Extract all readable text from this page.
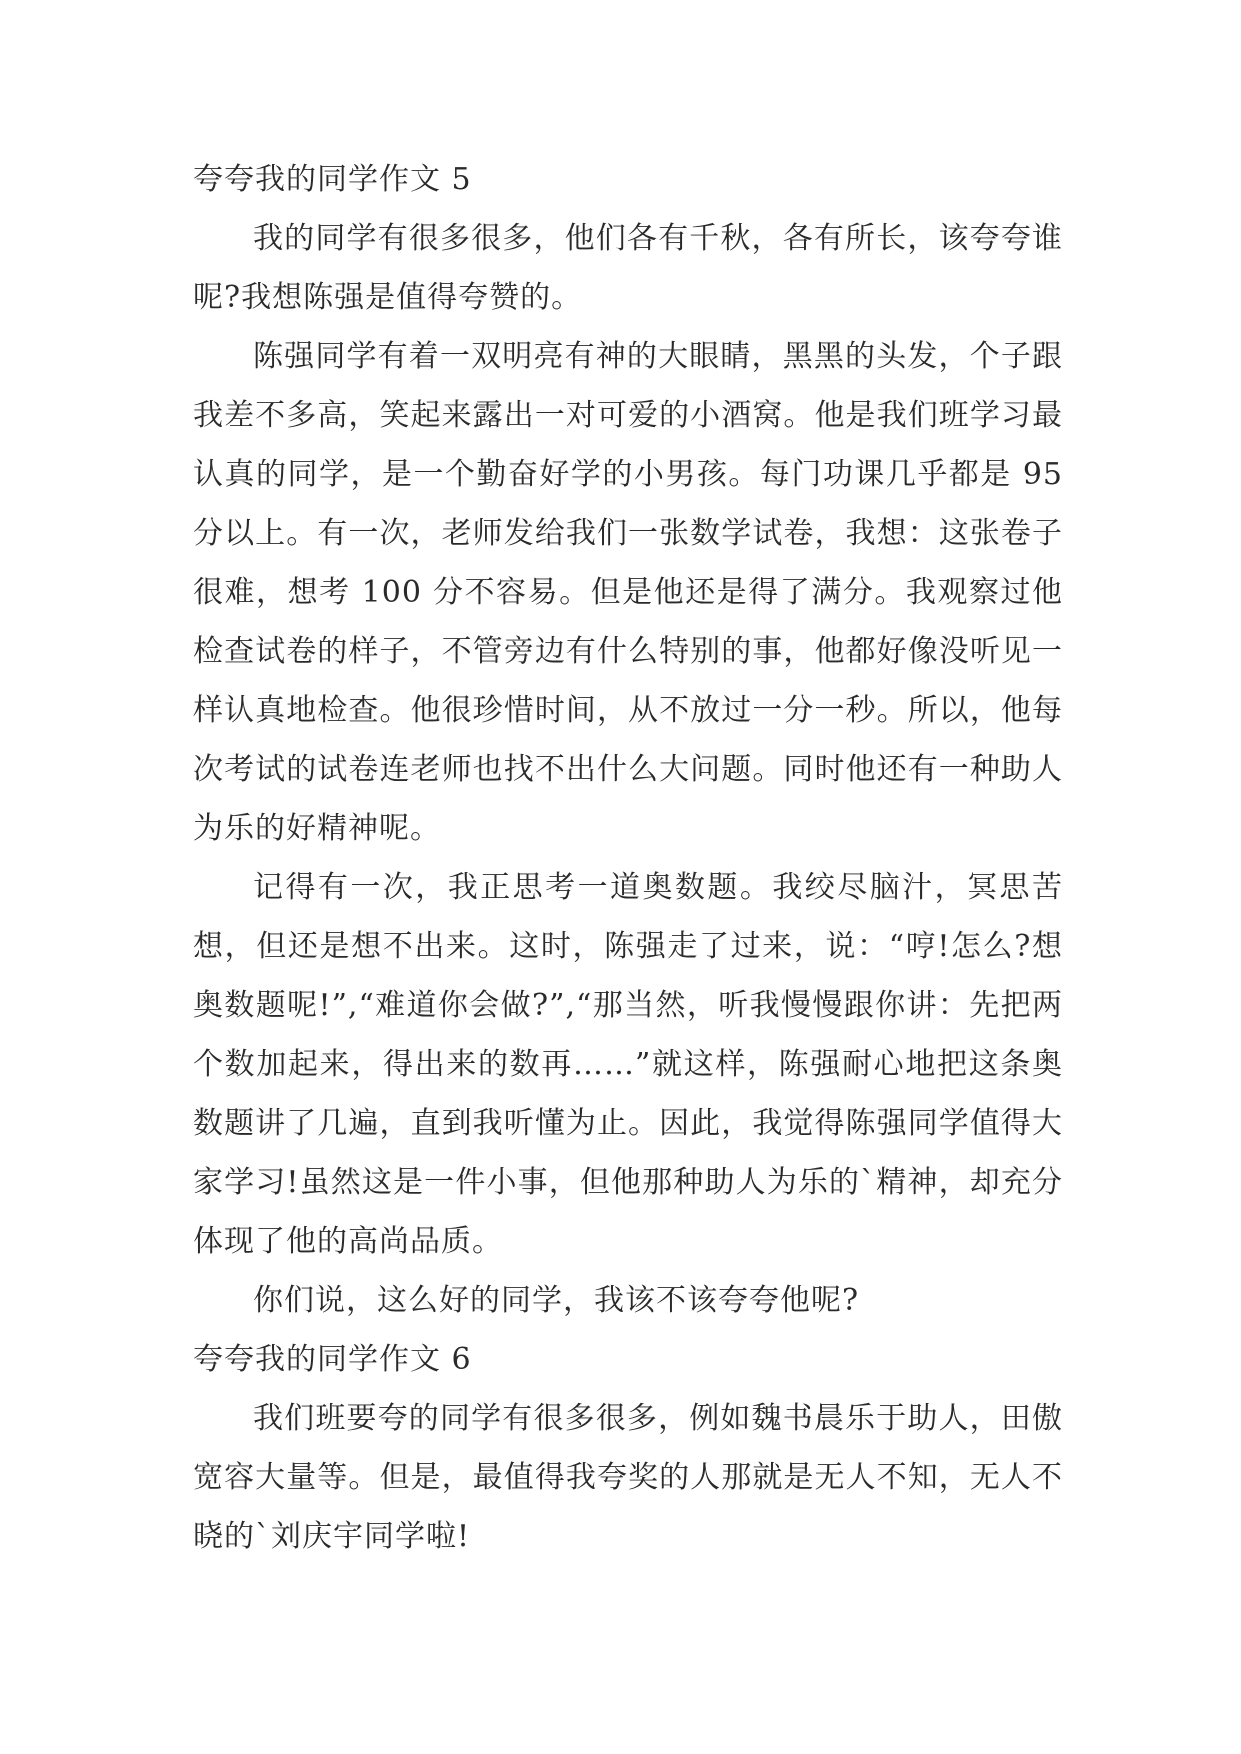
夸夸我的同学作文 5

我的同学有很多很多，他们各有千秋，各有所长，该夸夸谁呢?我想陈强是值得夸赞的。

陈强同学有着一双明亮有神的大眼睛，黑黑的头发，个子跟我差不多高，笑起来露出一对可爱的小酒窝。他是我们班学习最认真的同学，是一个勤奋好学的小男孩。每门功课几乎都是 95 分以上。有一次，老师发给我们一张数学试卷，我想：这张卷子很难，想考 100 分不容易。但是他还是得了满分。我观察过他检查试卷的样子，不管旁边有什么特别的事，他都好像没听见一样认真地检查。他很珍惜时间，从不放过一分一秒。所以，他每次考试的试卷连老师也找不出什么大问题。同时他还有一种助人为乐的好精神呢。

记得有一次，我正思考一道奥数题。我绞尽脑汁，冥思苦想，但还是想不出来。这时，陈强走了过来，说：“哼!怎么?想奥数题呢!”,“难道你会做?”,“那当然，听我慢慢跟你讲：先把两个数加起来，得出来的数再……”就这样，陈强耐心地把这条奥数题讲了几遍，直到我听懂为止。因此，我觉得陈强同学值得大家学习!虽然这是一件小事，但他那种助人为乐的`精神，却充分体现了他的高尚品质。

你们说，这么好的同学，我该不该夸夸他呢?

夸夸我的同学作文 6

我们班要夸的同学有很多很多，例如魏书晨乐于助人，田傲宽容大量等。但是，最值得我夸奖的人那就是无人不知，无人不晓的`刘庆宇同学啦!
